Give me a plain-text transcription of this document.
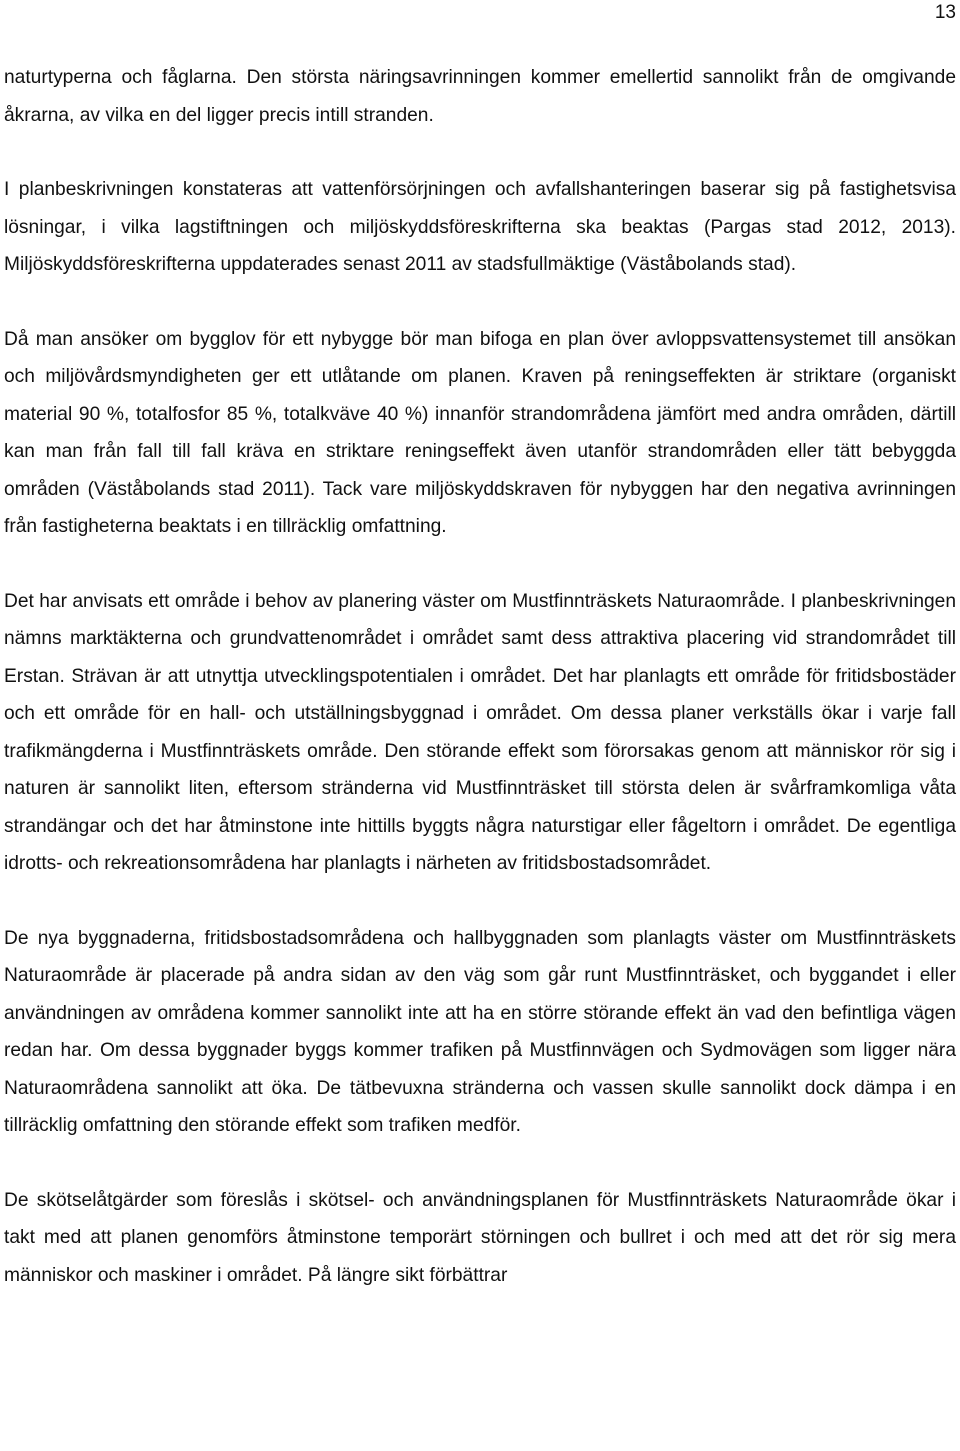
13

naturtyperna och fåglarna. Den största näringsavrinningen kommer emellertid sannolikt från de omgivande åkrarna, av vilka en del ligger precis intill stranden.

I planbeskrivningen konstateras att vattenförsörjningen och avfallshanteringen baserar sig på fastighetsvisa lösningar, i vilka lagstiftningen och miljöskyddsföreskrifterna ska beaktas (Pargas stad 2012, 2013). Miljöskyddsföreskrifterna uppdaterades senast 2011 av stadsfullmäktige (Väståbolands stad).

Då man ansöker om bygglov för ett nybygge bör man bifoga en plan över avloppsvattensystemet till ansökan och miljövårdsmyndigheten ger ett utlåtande om planen. Kraven på reningseffekten är striktare (organiskt material 90 %, totalfosfor 85 %, totalkväve 40 %) innanför strandområdena jämfört med andra områden, därtill kan man från fall till fall kräva en striktare reningseffekt även utanför strandområden eller tätt bebyggda områden (Väståbolands stad 2011). Tack vare miljöskyddskraven för nybyggen har den negativa avrinningen från fastigheterna beaktats i en tillräcklig omfattning.

Det har anvisats ett område i behov av planering väster om Mustfinnträskets Naturaområde. I planbeskrivningen nämns marktäkterna och grundvattenområdet i området samt dess attraktiva placering vid strandområdet till Erstan. Strävan är att utnyttja utvecklingspotentialen i området. Det har planlagts ett område för fritidsbostäder och ett område för en hall- och utställningsbyggnad i området. Om dessa planer verkställs ökar i varje fall trafikmängderna i Mustfinnträskets område. Den störande effekt som förorsakas genom att människor rör sig i naturen är sannolikt liten, eftersom stränderna vid Mustfinnträsket till största delen är svårframkomliga våta strandängar och det har åtminstone inte hittills byggts några naturstigar eller fågeltorn i området. De egentliga idrotts- och rekreationsområdena har planlagts i närheten av fritidsbostadsområdet.

De nya byggnaderna, fritidsbostadsområdena och hallbyggnaden som planlagts väster om Mustfinnträskets Naturaområde är placerade på andra sidan av den väg som går runt Mustfinnträsket, och byggandet i eller användningen av områdena kommer sannolikt inte att ha en större störande effekt än vad den befintliga vägen redan har. Om dessa byggnader byggs kommer trafiken på Mustfinnvägen och Sydmovägen som ligger nära Naturaområdena sannolikt att öka. De tätbevuxna stränderna och vassen skulle sannolikt dock dämpa i en tillräcklig omfattning den störande effekt som trafiken medför.

De skötselåtgärder som föreslås i skötsel- och användningsplanen för Mustfinnträskets Naturaområde ökar i takt med att planen genomförs åtminstone temporärt störningen och bullret i och med att det rör sig mera människor och maskiner i området. På längre sikt förbättrar
